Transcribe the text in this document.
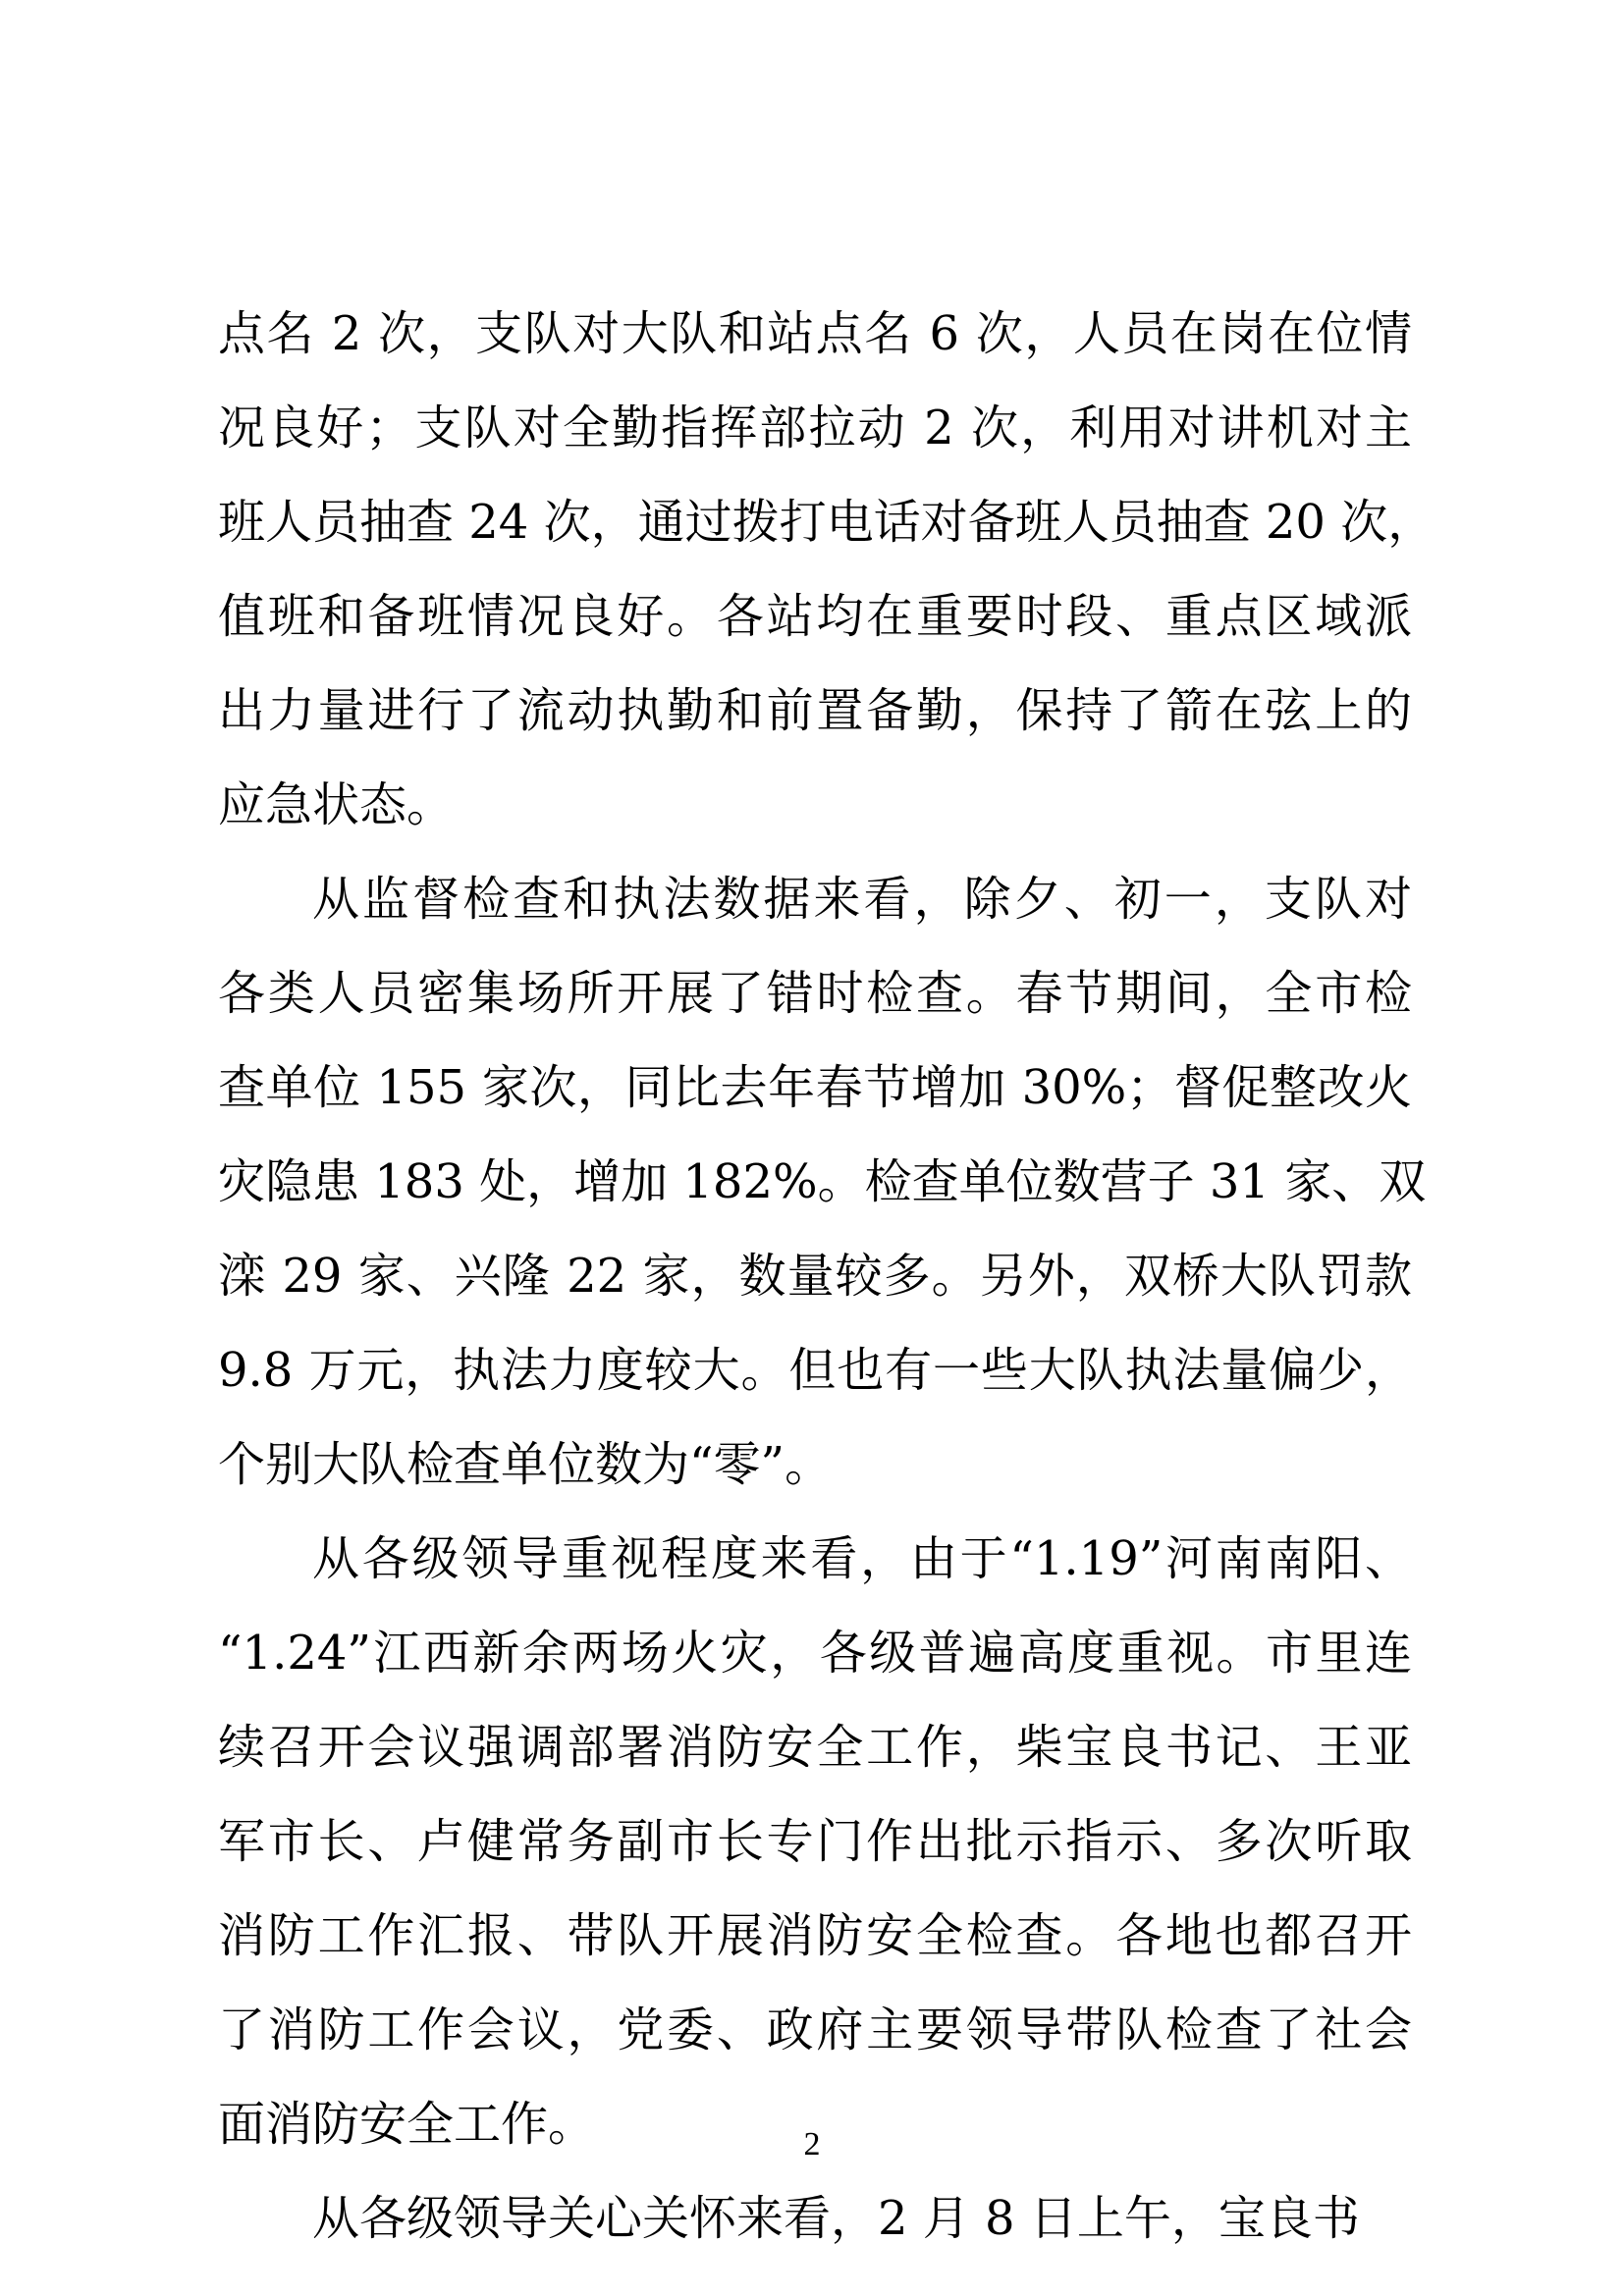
点名 2 次，支队对大队和站点名 6 次，人员在岗在位情
况良好；支队对全勤指挥部拉动 2 次，利用对讲机对主
班人员抽查 24 次，通过拨打电话对备班人员抽查 20 次，
值班和备班情况良好。各站均在重要时段、重点区域派
出力量进行了流动执勤和前置备勤，保持了箭在弦上的
应急状态。
从监督检查和执法数据来看，除夕、初一，支队对
各类人员密集场所开展了错时检查。春节期间，全市检
查单位 155 家次，同比去年春节增加 30%；督促整改火
灾隐患 183 处，增加 182%。检查单位数营子 31 家、双
滦 29 家、兴隆 22 家，数量较多。另外，双桥大队罚款
9.8 万元，执法力度较大。但也有一些大队执法量偏少，
个别大队检查单位数为“零”。
从各级领导重视程度来看，由于“1.19”河南南阳、
“1.24”江西新余两场火灾，各级普遍高度重视。市里连
续召开会议强调部署消防安全工作，柴宝良书记、王亚
军市长、卢健常务副市长专门作出批示指示、多次听取
消防工作汇报、带队开展消防安全检查。各地也都召开
了消防工作会议，党委、政府主要领导带队检查了社会
面消防安全工作。
从各级领导关心关怀来看，2 月 8 日上午，宝良书
2
